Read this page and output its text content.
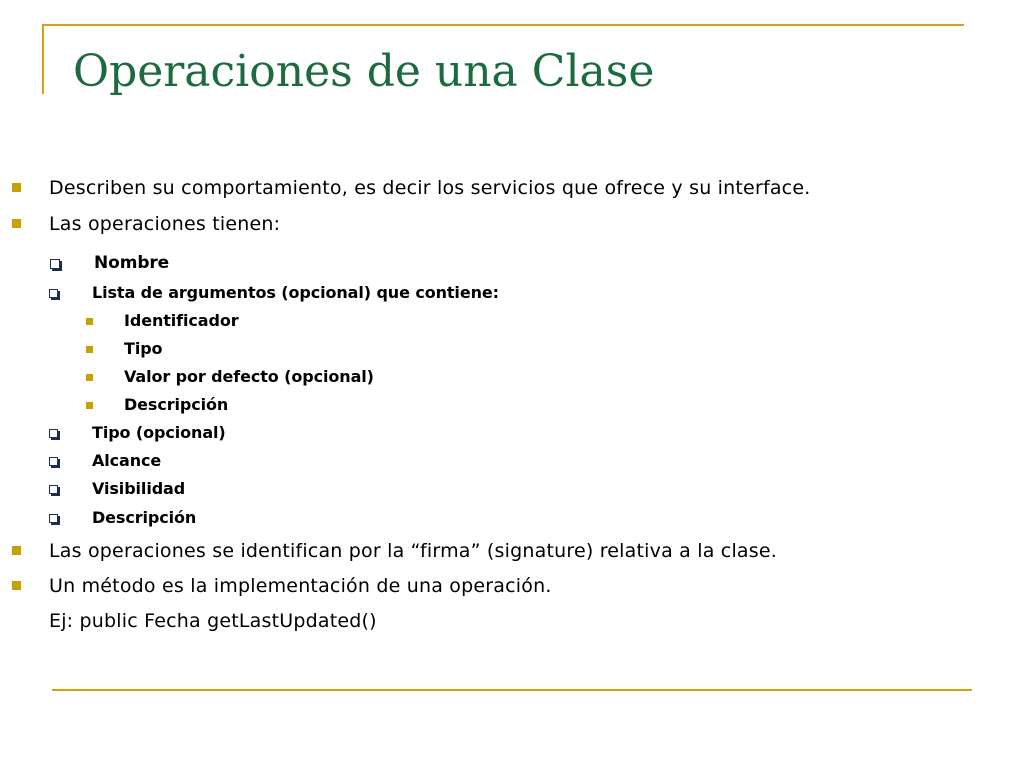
Operaciones de una Clase
Describen su comportamiento, es decir los servicios que ofrece y su interface.
Las operaciones tienen:
Nombre
Lista de argumentos (opcional) que contiene:
Identificador
Tipo
Valor por defecto (opcional)
Descripción
Tipo (opcional)
Alcance
Visibilidad
Descripción
Las operaciones se identifican por la “firma” (signature) relativa a la clase.
Un método es la implementación de una operación.
Ej: public Fecha getLastUpdated()
